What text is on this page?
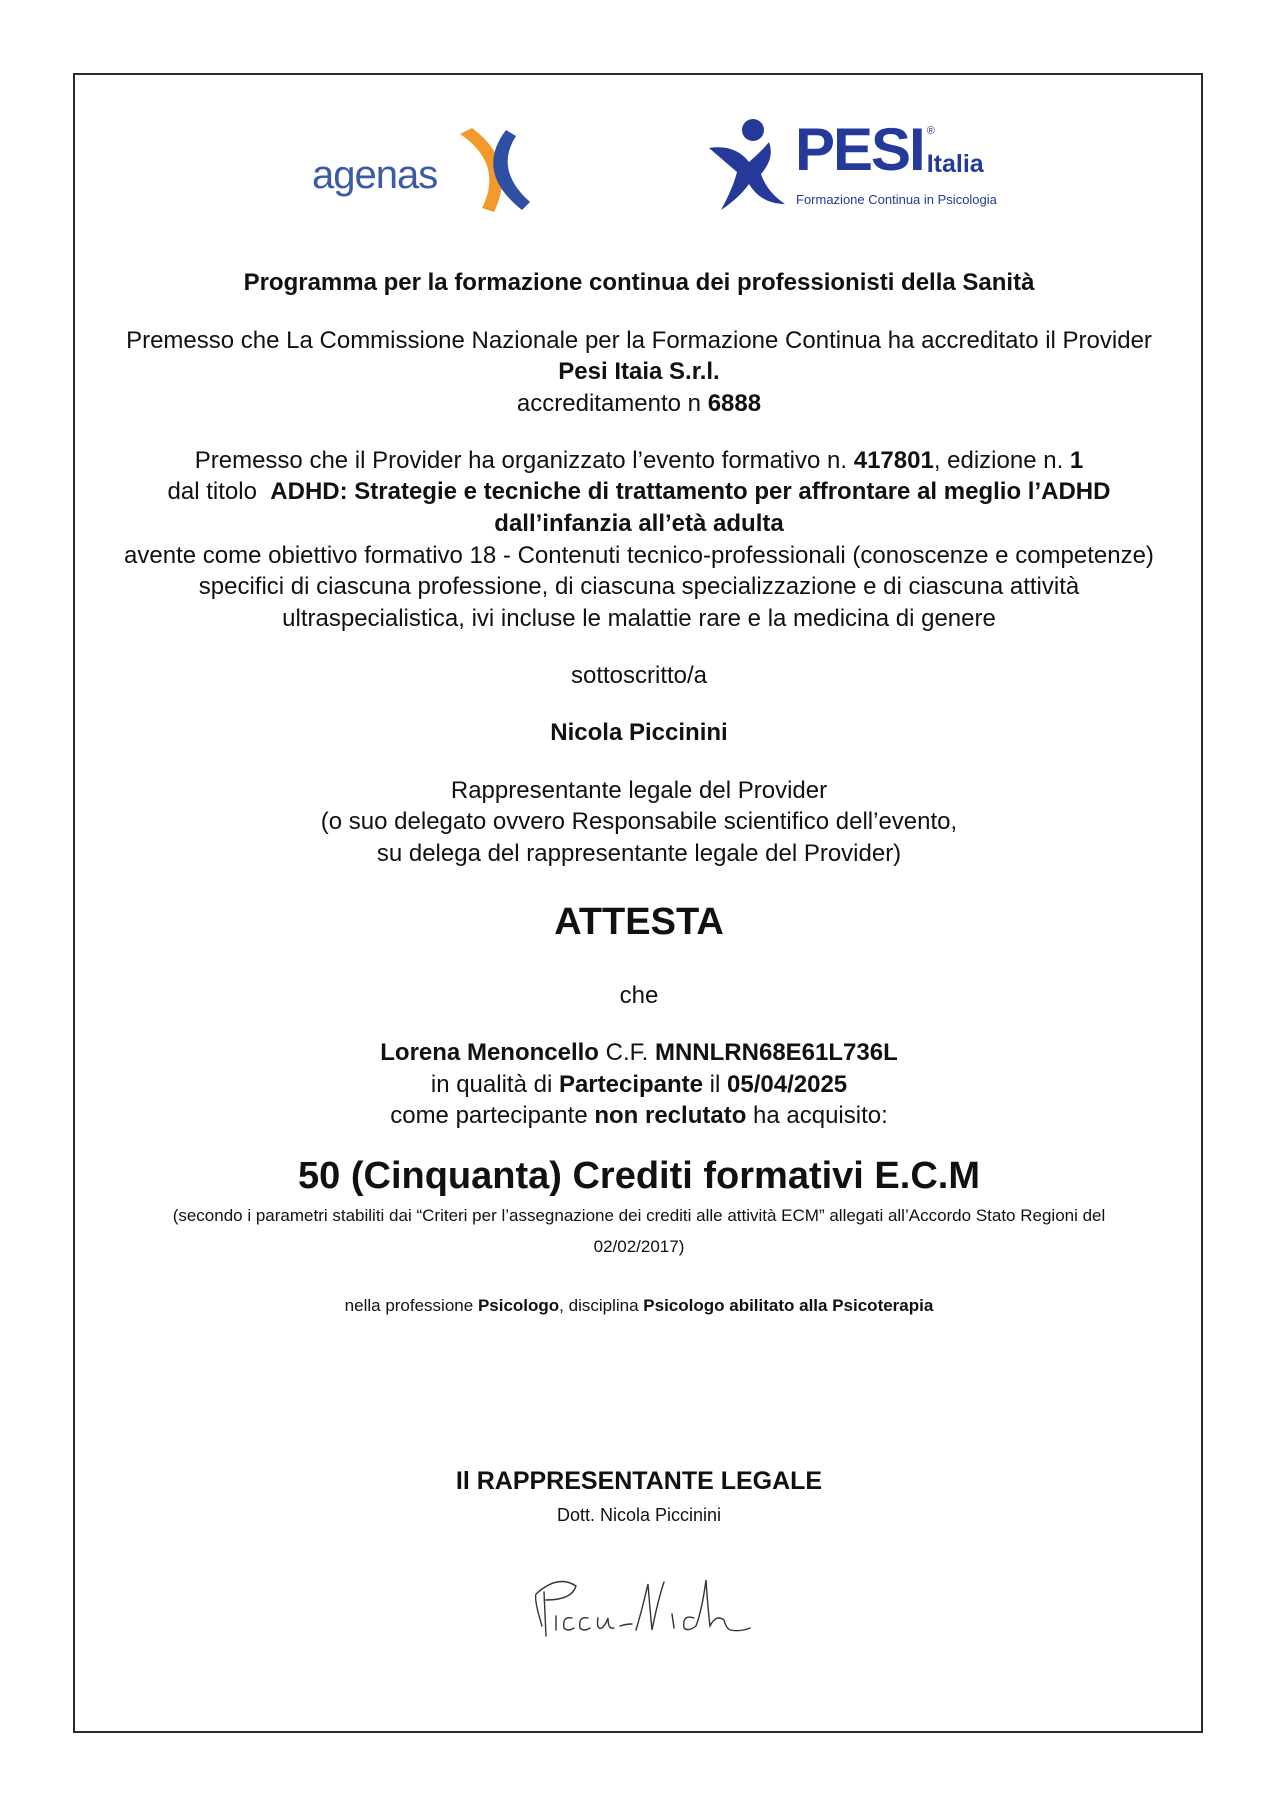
agenas	PESI ®
Italia
Formazione Continua in Psicologia
Programma per la formazione continua dei professionisti della Sanità
Premesso che La Commissione Nazionale per la Formazione Continua ha accreditato il Provider
Pesi Itaia S.r.l.
accreditamento n 6888
Premesso che il Provider ha organizzato l’evento formativo n. 417801, edizione n. 1
dal titolo  ADHD: Strategie e tecniche di trattamento per affrontare al meglio l’ADHD
dall’infanzia all’età adulta
avente come obiettivo formativo 18 - Contenuti tecnico-professionali (conoscenze e competenze)
specifici di ciascuna professione, di ciascuna specializzazione e di ciascuna attività
ultraspecialistica, ivi incluse le malattie rare e la medicina di genere
sottoscritto/a
Nicola Piccinini
Rappresentante legale del Provider
(o suo delegato ovvero Responsabile scientifico dell’evento,
su delega del rappresentante legale del Provider)
ATTESTA
che
Lorena Menoncello C.F. MNNLRN68E61L736L
in qualità di Partecipante il 05/04/2025
come partecipante non reclutato ha acquisito:
50 (Cinquanta) Crediti formativi E.C.M
(secondo i parametri stabiliti dai “Criteri per l’assegnazione dei crediti alle attività ECM” allegati all’Accordo Stato Regioni del
02/02/2017)
nella professione Psicologo, disciplina Psicologo abilitato alla Psicoterapia
Il RAPPRESENTANTE LEGALE
Dott. Nicola Piccinini
